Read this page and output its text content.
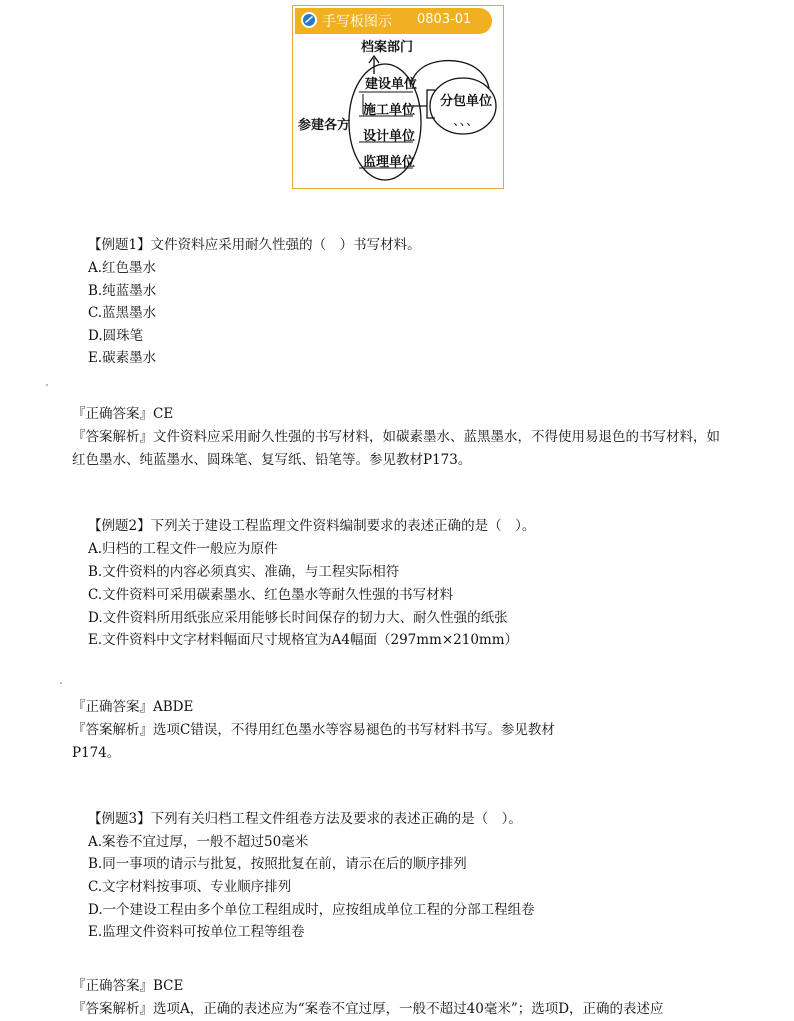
手写板图示 0803-01
档案部门
建设单位
施工单位
参建各方
设计单位
监理单位
分包单位
、、、
【例题1】文件资料应采用耐久性强的（　）书写材料。
A.红色墨水
B.纯蓝墨水
C.蓝黑墨水
D.圆珠笔
E.碳素墨水
『正确答案』CE
『答案解析』文件资料应采用耐久性强的书写材料，如碳素墨水、蓝黑墨水，不得使用易退色的书写材料，如红色墨水、纯蓝墨水、圆珠笔、复写纸、铅笔等。参见教材P173。
【例题2】下列关于建设工程监理文件资料编制要求的表述正确的是（　）。
A.归档的工程文件一般应为原件
B.文件资料的内容必须真实、准确，与工程实际相符
C.文件资料可采用碳素墨水、红色墨水等耐久性强的书写材料
D.文件资料所用纸张应采用能够长时间保存的韧力大、耐久性强的纸张
E.文件资料中文字材料幅面尺寸规格宜为A4幅面（297mm×210mm）
『正确答案』ABDE
『答案解析』选项C错误，不得用红色墨水等容易褪色的书写材料书写。参见教材
P174。
【例题3】下列有关归档工程文件组卷方法及要求的表述正确的是（　）。
A.案卷不宜过厚，一般不超过50毫米
B.同一事项的请示与批复，按照批复在前，请示在后的顺序排列
C.文字材料按事项、专业顺序排列
D.一个建设工程由多个单位工程组成时，应按组成单位工程的分部工程组卷
E.监理文件资料可按单位工程等组卷
『正确答案』BCE
『答案解析』选项A，正确的表述应为“案卷不宜过厚，一般不超过40毫米”；选项D，正确的表述应
